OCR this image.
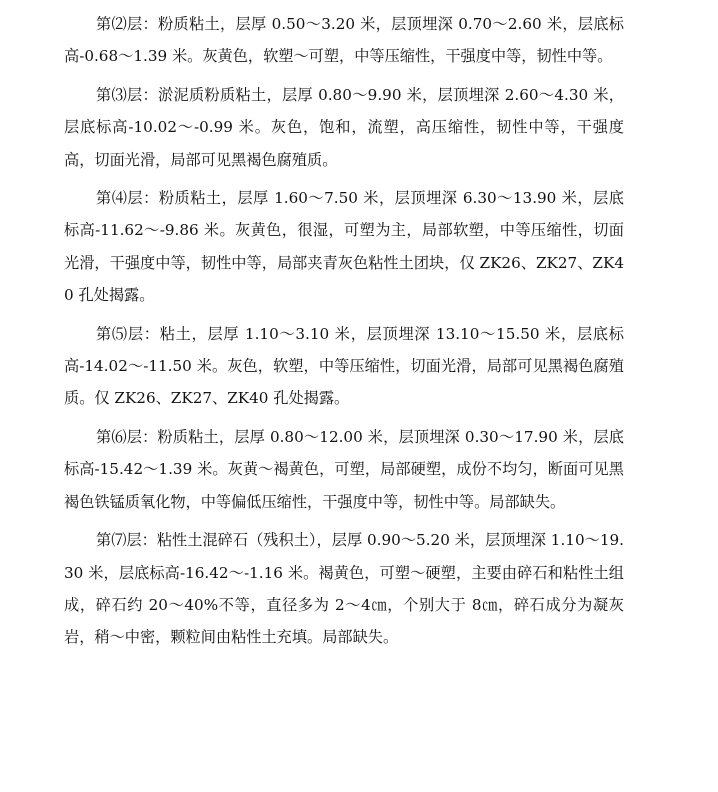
第⑵层：粉质粘土，层厚 0.50～3.20 米，层顶埋深 0.70～2.60 米，层底标高-0.68～1.39 米。灰黄色，软塑～可塑，中等压缩性，干强度中等，韧性中等。

第⑶层：淤泥质粉质粘土，层厚 0.80～9.90 米，层顶埋深 2.60～4.30 米，层底标高-10.02～-0.99 米。灰色，饱和，流塑，高压缩性，韧性中等，干强度高，切面光滑，局部可见黑褐色腐殖质。

第⑷层：粉质粘土，层厚 1.60～7.50 米，层顶埋深 6.30～13.90 米，层底标高-11.62～-9.86 米。灰黄色，很湿，可塑为主，局部软塑，中等压缩性，切面光滑，干强度中等，韧性中等，局部夹青灰色粘性土团块，仅 ZK26、ZK27、ZK40 孔处揭露。

第⑸层：粘土，层厚 1.10～3.10 米，层顶埋深 13.10～15.50 米，层底标高-14.02～-11.50 米。灰色，软塑，中等压缩性，切面光滑，局部可见黑褐色腐殖质。仅 ZK26、ZK27、ZK40 孔处揭露。

第⑹层：粉质粘土，层厚 0.80～12.00 米，层顶埋深 0.30～17.90 米，层底标高-15.42～1.39 米。灰黄～褐黄色，可塑，局部硬塑，成份不均匀，断面可见黑褐色铁锰质氧化物，中等偏低压缩性，干强度中等，韧性中等。局部缺失。

第⑺层：粘性土混碎石（残积土），层厚 0.90～5.20 米，层顶埋深 1.10～19.30 米，层底标高-16.42～-1.16 米。褐黄色，可塑～硬塑，主要由碎石和粘性土组成，碎石约 20～40%不等，直径多为 2～4㎝，个别大于 8㎝，碎石成分为凝灰岩，稍～中密，颗粒间由粘性土充填。局部缺失。
